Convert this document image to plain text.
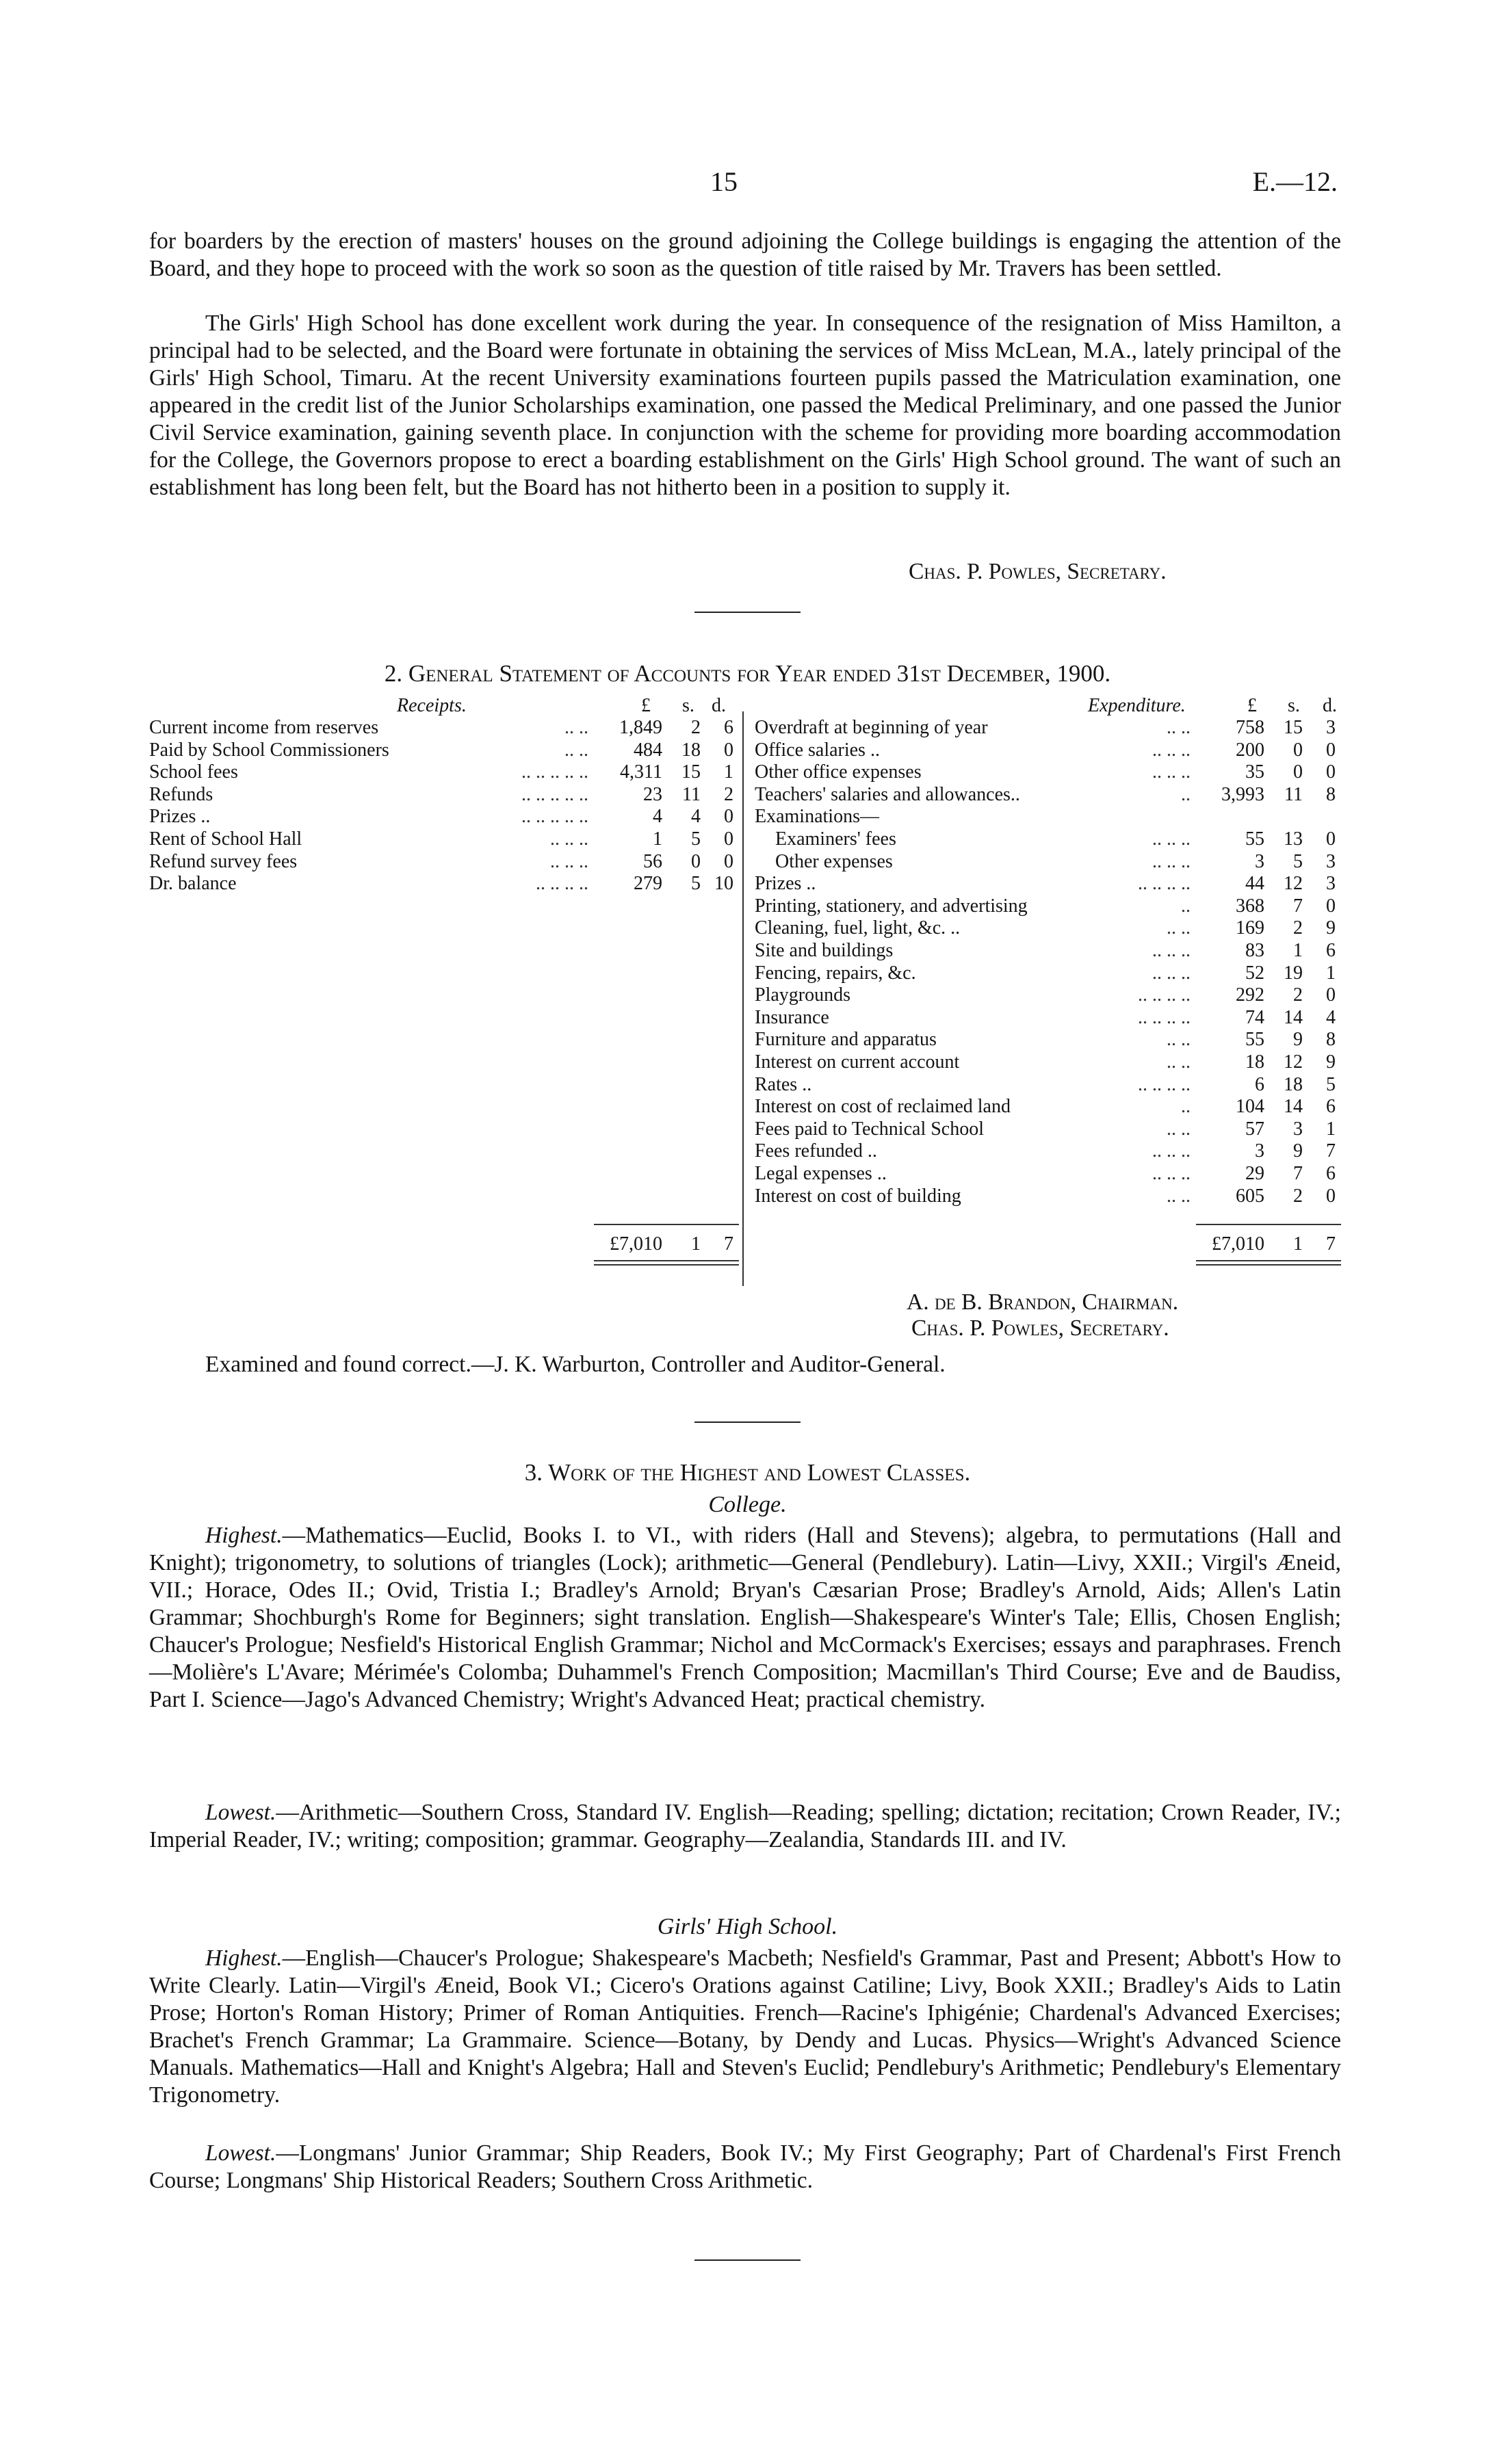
15	E.—12.

for boarders by the erection of masters' houses on the ground adjoining the College buildings is engaging the attention of the Board, and they hope to proceed with the work so soon as the question of title raised by Mr. Travers has been settled.

The Girls' High School has done excellent work during the year. In consequence of the resignation of Miss Hamilton, a principal had to be selected, and the Board were fortunate in obtaining the services of Miss McLean, M.A., lately principal of the Girls' High School, Timaru. At the recent University examinations fourteen pupils passed the Matriculation examination, one appeared in the credit list of the Junior Scholarships examination, one passed the Medical Preliminary, and one passed the Junior Civil Service examination, gaining seventh place. In conjunction with the scheme for providing more boarding accommodation for the College, the Governors propose to erect a boarding establishment on the Girls' High School ground. The want of such an establishment has long been felt, but the Board has not hitherto been in a position to supply it.

Chas. P. Powles, Secretary.
2. General Statement of Accounts for Year ended 31st December, 1900.
Receipts.	Expenditure.
£ s. d.	£ s. d.
Current income from reserves	.. .. 1,849 2 6
Paid by School Commissioners	.. .. 484 18 0
School fees	.. .. .. .. .. 4,311 15 1
Refunds	.. .. .. .. ..	23 11 2
Prizes ..	.. .. .. .. ..	4 4 0
Rent of School Hall	.. .. ..	1 5 0
Refund survey fees	.. .. ..	56 0 0
Dr. balance	.. .. .. .. 279 5 10
Overdraft at beginning of year	.. .. 758 15 3
Office salaries ..	.. .. .. 200 0 0
Other office expenses	.. .. ..	35 0 0
Teachers' salaries and allowances..	.. 3,993 11 8
Examinations—
Examiners' fees	.. .. ..	55 13 0
Other expenses	.. .. ..	3 5 3
Prizes ..	.. .. .. ..	44 12 3
Printing, stationery, and advertising	.. 368 7 0
Cleaning, fuel, light, &c. ..	.. .. 169 2 9
Site and buildings	.. .. ..	83 1 6
Fencing, repairs, &c.	.. .. ..	52 19 1
Playgrounds	.. .. .. .. 292 2 0
Insurance	.. .. .. ..	74 14 4
Furniture and apparatus	.. ..	55 9 8
Interest on current account	.. ..	18 12 9
Rates ..	.. .. .. ..	6 18 5
Interest on cost of reclaimed land	.. 104 14 6
Fees paid to Technical School	.. ..	57 3 1
Fees refunded ..	.. .. ..	3 9 7
Legal expenses ..	.. .. ..	29 7 6
Interest on cost of building	.. .. 605 2 0
£7,010 1 7	£7,010 1 7
A. de B. Brandon, Chairman.
Chas. P. Powles, Secretary.
Examined and found correct.—J. K. Warburton, Controller and Auditor-General.
3. Work of the Highest and Lowest Classes.
College.

Highest.—Mathematics—Euclid, Books I. to VI., with riders (Hall and Stevens); algebra, to permutations (Hall and Knight); trigonometry, to solutions of triangles (Lock); arithmetic—General (Pendlebury). Latin—Livy, XXII.; Virgil's Æneid, VII.; Horace, Odes II.; Ovid, Tristia I.; Bradley's Arnold; Bryan's Cæsarian Prose; Bradley's Arnold, Aids; Allen's Latin Grammar; Shochburgh's Rome for Beginners; sight translation. English—Shakespeare's Winter's Tale; Ellis, Chosen English; Chaucer's Prologue; Nesfield's Historical English Grammar; Nichol and McCormack's Exercises; essays and paraphrases. French—Molière's L'Avare; Mérimée's Colomba; Duhammel's French Composition; Macmillan's Third Course; Eve and de Baudiss, Part I. Science—Jago's Advanced Chemistry; Wright's Advanced Heat; practical chemistry.

Lowest.—Arithmetic—Southern Cross, Standard IV. English—Reading; spelling; dictation; recitation; Crown Reader, IV.; Imperial Reader, IV.; writing; composition; grammar. Geography—Zealandia, Standards III. and IV.

Girls' High School.

Highest.—English—Chaucer's Prologue; Shakespeare's Macbeth; Nesfield's Grammar, Past and Present; Abbott's How to Write Clearly. Latin—Virgil's Æneid, Book VI.; Cicero's Orations against Catiline; Livy, Book XXII.; Bradley's Aids to Latin Prose; Horton's Roman History; Primer of Roman Antiquities. French—Racine's Iphigénie; Chardenal's Advanced Exercises; Brachet's French Grammar; La Grammaire. Science—Botany, by Dendy and Lucas. Physics—Wright's Advanced Science Manuals. Mathematics—Hall and Knight's Algebra; Hall and Steven's Euclid; Pendlebury's Arithmetic; Pendlebury's Elementary Trigonometry.

Lowest.—Longmans' Junior Grammar; Ship Readers, Book IV.; My First Geography; Part of Chardenal's First French Course; Longmans' Ship Historical Readers; Southern Cross Arithmetic.
